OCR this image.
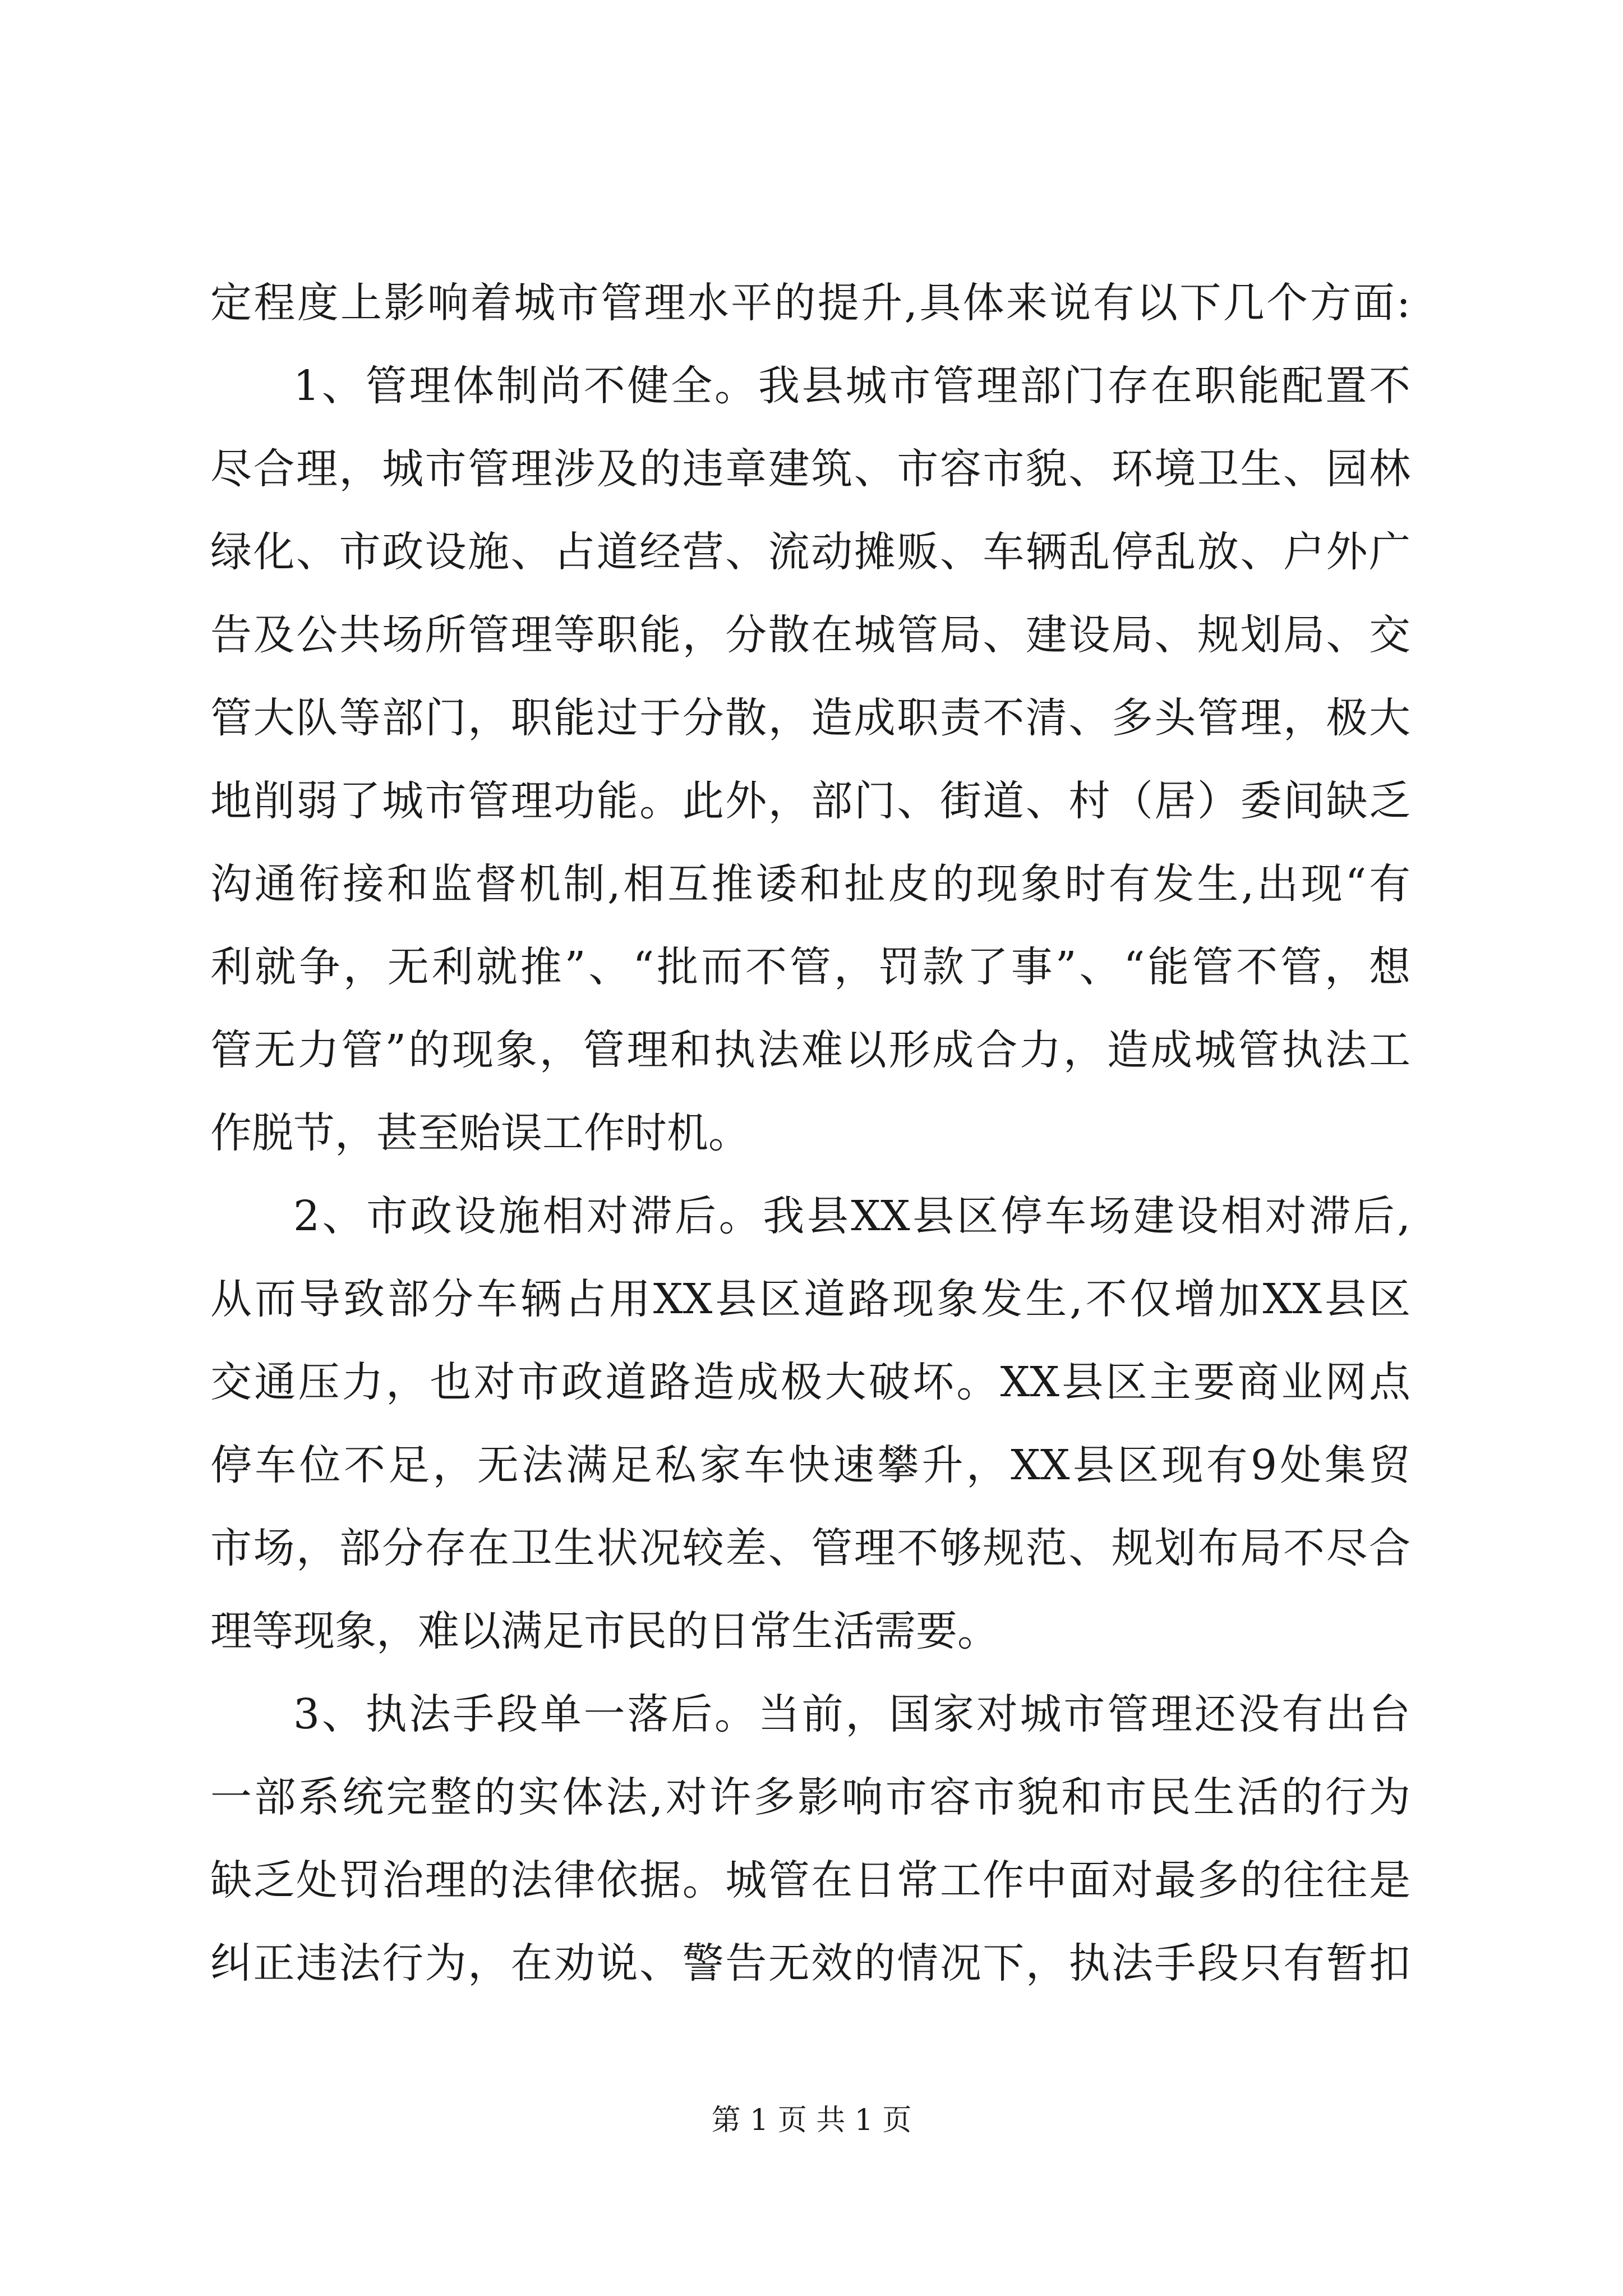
定程度上影响着城市管理水平的提升,具体来说有以下几个方面:
1、管理体制尚不健全。我县城市管理部门存在职能配置不
尽合理，城市管理涉及的违章建筑、市容市貌、环境卫生、园林
绿化、市政设施、占道经营、流动摊贩、车辆乱停乱放、户外广
告及公共场所管理等职能，分散在城管局、建设局、规划局、交
管大队等部门，职能过于分散，造成职责不清、多头管理，极大
地削弱了城市管理功能。此外，部门、街道、村（居）委间缺乏
沟通衔接和监督机制,相互推诿和扯皮的现象时有发生,出现“有
利就争，无利就推”、“批而不管，罚款了事”、“能管不管，想
管无力管”的现象，管理和执法难以形成合力，造成城管执法工
作脱节，甚至贻误工作时机。
2、市政设施相对滞后。我县XX县区停车场建设相对滞后,
从而导致部分车辆占用XX县区道路现象发生,不仅增加XX县区
交通压力，也对市政道路造成极大破坏。XX县区主要商业网点
停车位不足，无法满足私家车快速攀升，XX县区现有9处集贸
市场，部分存在卫生状况较差、管理不够规范、规划布局不尽合
理等现象，难以满足市民的日常生活需要。
3、执法手段单一落后。当前，国家对城市管理还没有出台
一部系统完整的实体法,对许多影响市容市貌和市民生活的行为
缺乏处罚治理的法律依据。城管在日常工作中面对最多的往往是
纠正违法行为，在劝说、警告无效的情况下，执法手段只有暂扣
第 1 页 共 1 页
